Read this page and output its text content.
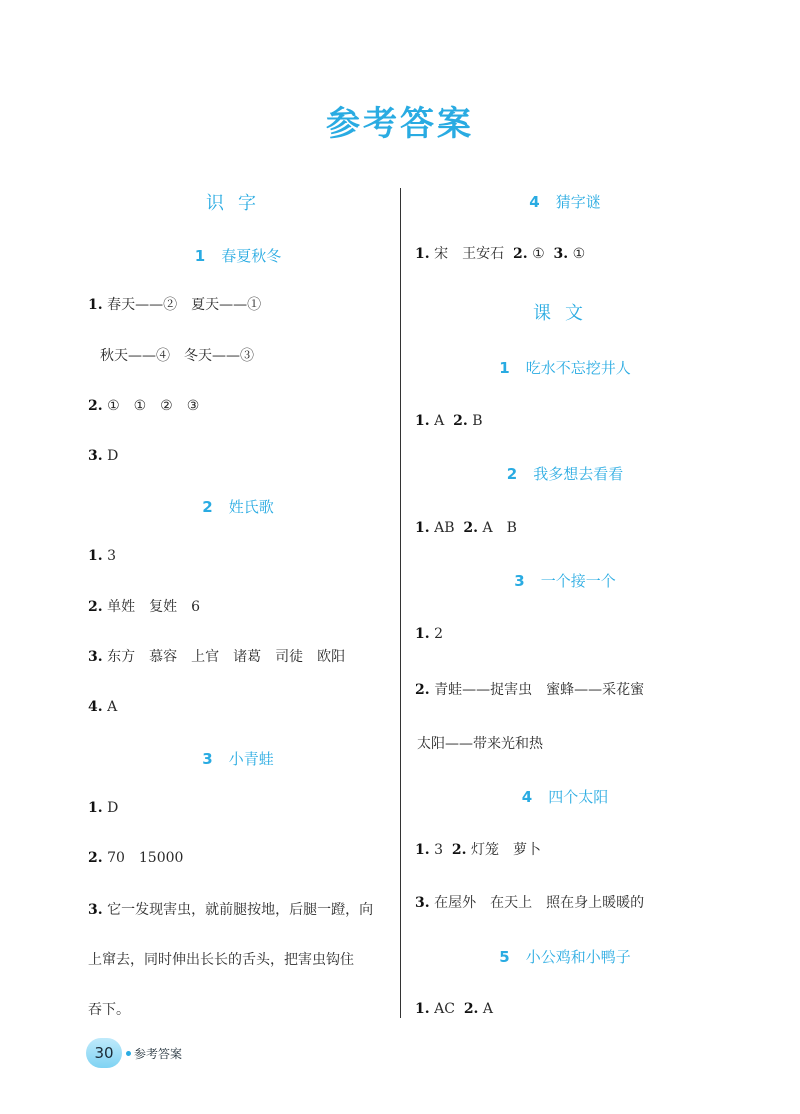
参考答案
识字
1 春夏秋冬
1. 春天——②　夏天——①
秋天——④　冬天——③
2. ①　①　②　③
3. D
2 姓氏歌
1. 3
2. 单姓　复姓　6
3. 东方　慕容　上官　诸葛　司徒　欧阳
4. A
3 小青蛙
1. D
2. 70　15000
3. 它一发现害虫，就前腿按地，后腿一蹬，向
上窜去，同时伸出长长的舌头，把害虫钩住
吞下。
4 猜字谜
1. 宋　王安石 2. ① 3. ①
课文
1 吃水不忘挖井人
1. A 2. B
2 我多想去看看
1. AB 2. A　B
3 一个接一个
1. 2
2. 青蛙——捉害虫　蜜蜂——采花蜜
太阳——带来光和热
4 四个太阳
1. 3 2. 灯笼　萝卜
3. 在屋外　在天上　照在身上暖暖的
5 小公鸡和小鸭子
1. AC 2. A
30 参考答案
